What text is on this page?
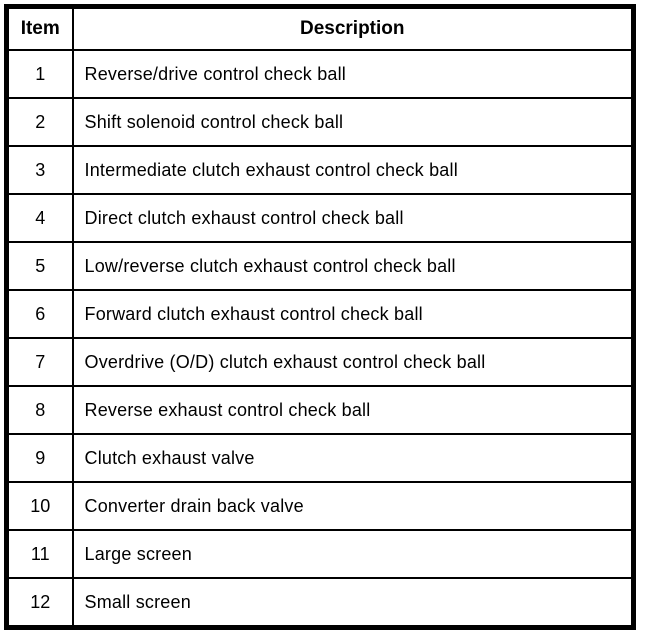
Item	Description
1	Reverse/drive control check ball
2	Shift solenoid control check ball
3	Intermediate clutch exhaust control check ball
4	Direct clutch exhaust control check ball
5	Low/reverse clutch exhaust control check ball
6	Forward clutch exhaust control check ball
7	Overdrive (O/D) clutch exhaust control check ball
8	Reverse exhaust control check ball
9	Clutch exhaust valve
10	Converter drain back valve
11	Large screen
12	Small screen
